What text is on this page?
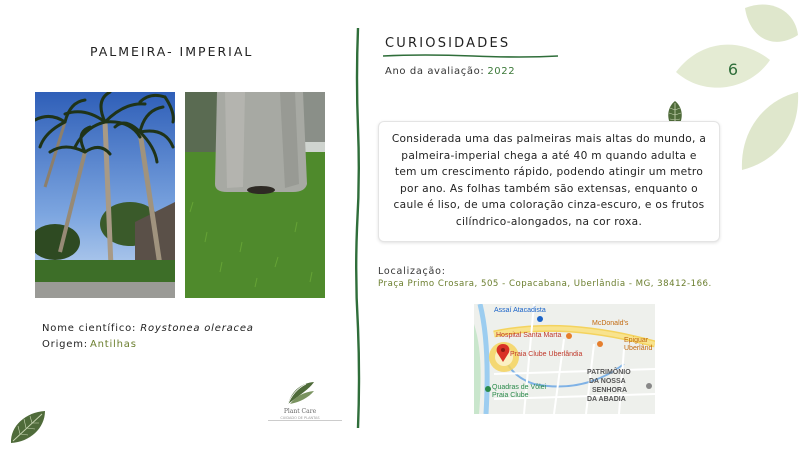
PALMEIRA- IMPERIAL
Nome científico: Roystonea oleracea
Origem: Antilhas
Plant Care
CUIDADO DE PLANTAS
CURIOSIDADES
Ano da avaliação: 2022	6
Considerada uma das palmeiras mais altas do mundo, a palmeira-imperial chega a até 40 m quando adulta e tem um crescimento rápido, podendo atingir um metro por ano. As folhas também são extensas, enquanto o caule é liso, de uma coloração cinza-escuro, e os frutos cilíndrico-alongados, na cor roxa.
Localização:
Praça Primo Crosara, 505 - Copacabana, Uberlândia - MG, 38412-166.
Assaí Atacadista
McDonald's
Hospital Santa Marta
Praia Clube Uberlândia
Epiguar
Uberlând
PATRIMÔNIO
DA NOSSA
SENHORA
DA ABADIA
Quadras de Vôlei
Praia Clube
